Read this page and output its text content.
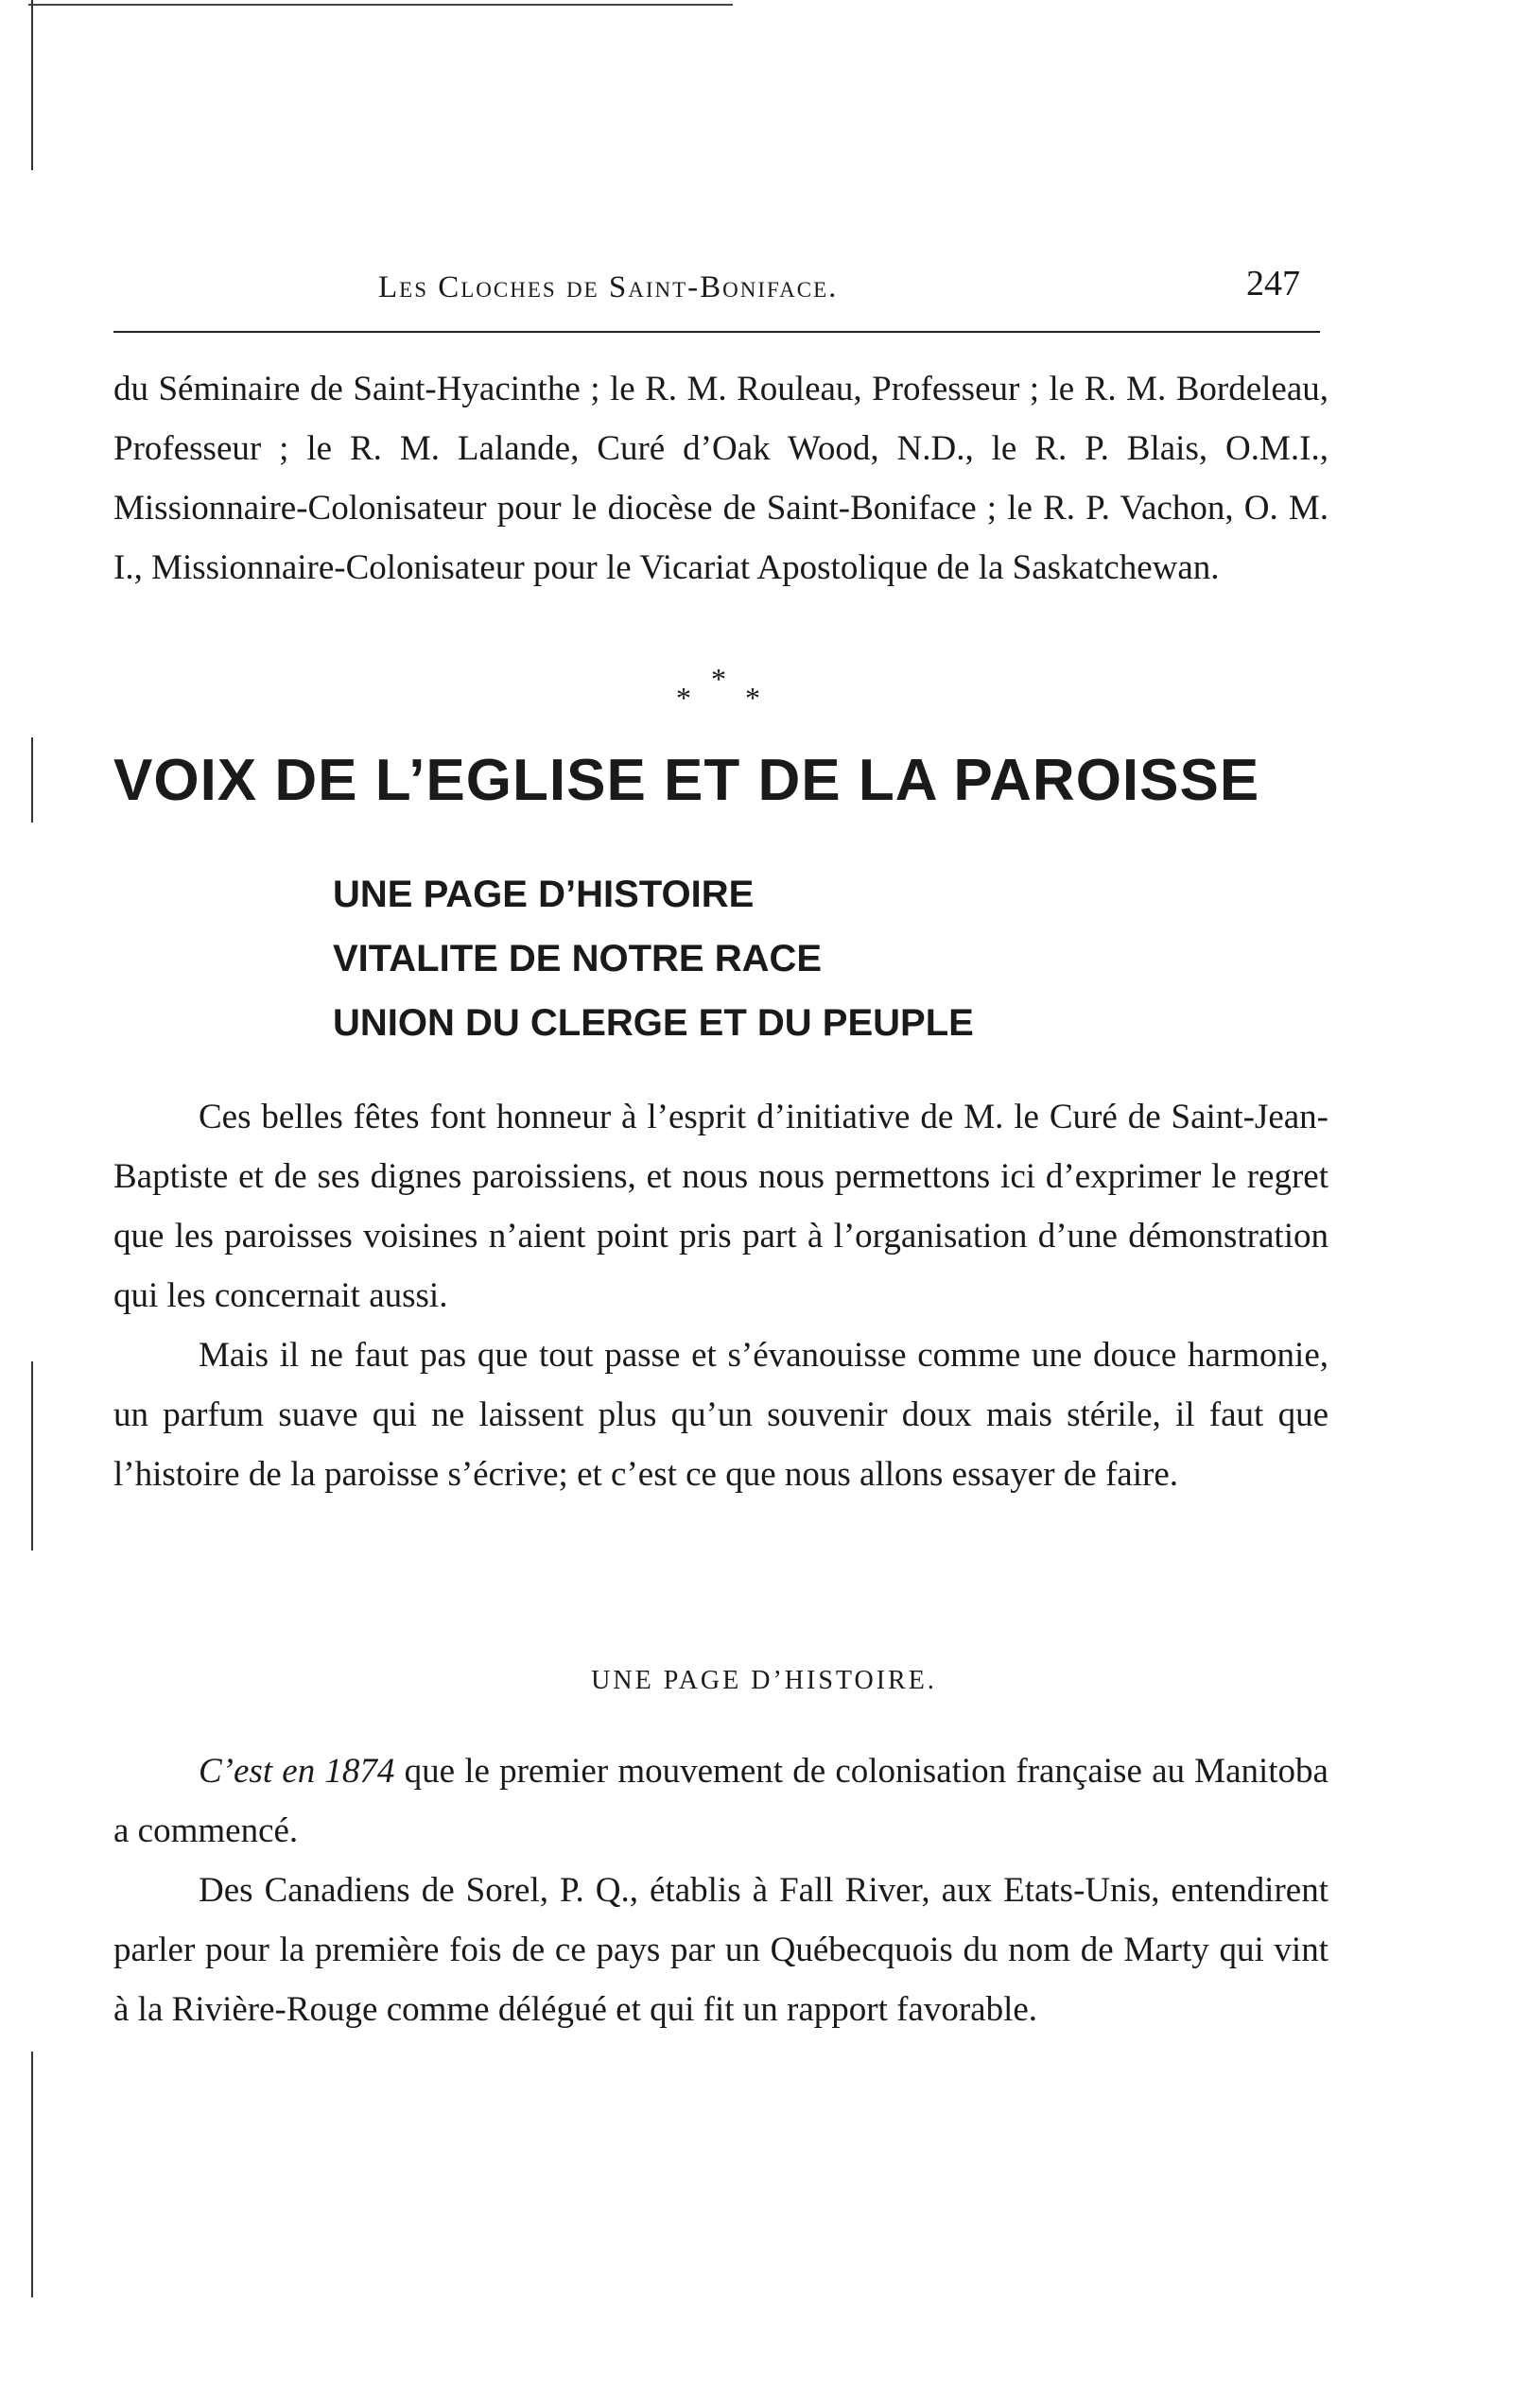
Les Cloches de Saint-Boniface.	247

du Séminaire de Saint-Hyacinthe ; le R. M. Rouleau, Professeur ; le R. M. Bordeleau, Professeur ; le R. M. Lalande, Curé d’Oak Wood, N.D., le R. P. Blais, O.M.I., Missionnaire-Colonisateur pour le diocèse de Saint-Boniface ; le R. P. Vachon, O. M. I., Missionnaire-Colonisateur pour le Vicariat Apostolique de la Saskatchewan.

*
* *
VOIX DE L’EGLISE ET DE LA PAROISSE
UNE PAGE D’HISTOIRE
VITALITE DE NOTRE RACE
UNION DU CLERGE ET DU PEUPLE

Ces belles fêtes font honneur à l’esprit d’initiative de M. le Curé de Saint-Jean-Baptiste et de ses dignes paroissiens, et nous nous permettons ici d’exprimer le regret que les paroisses voisines n’aient point pris part à l’organisation d’une démonstration qui les concernait aussi.

Mais il ne faut pas que tout passe et s’évanouisse comme une douce harmonie, un parfum suave qui ne laissent plus qu’un souvenir doux mais stérile, il faut que l’histoire de la paroisse s’écrive; et c’est ce que nous allons essayer de faire.

UNE PAGE D’HISTOIRE.

C’est en 1874 que le premier mouvement de colonisation française au Manitoba a commencé.

Des Canadiens de Sorel, P. Q., établis à Fall River, aux Etats-Unis, entendirent parler pour la première fois de ce pays par un Québecquois du nom de Marty qui vint à la Rivière-Rouge comme délégué et qui fit un rapport favorable.
